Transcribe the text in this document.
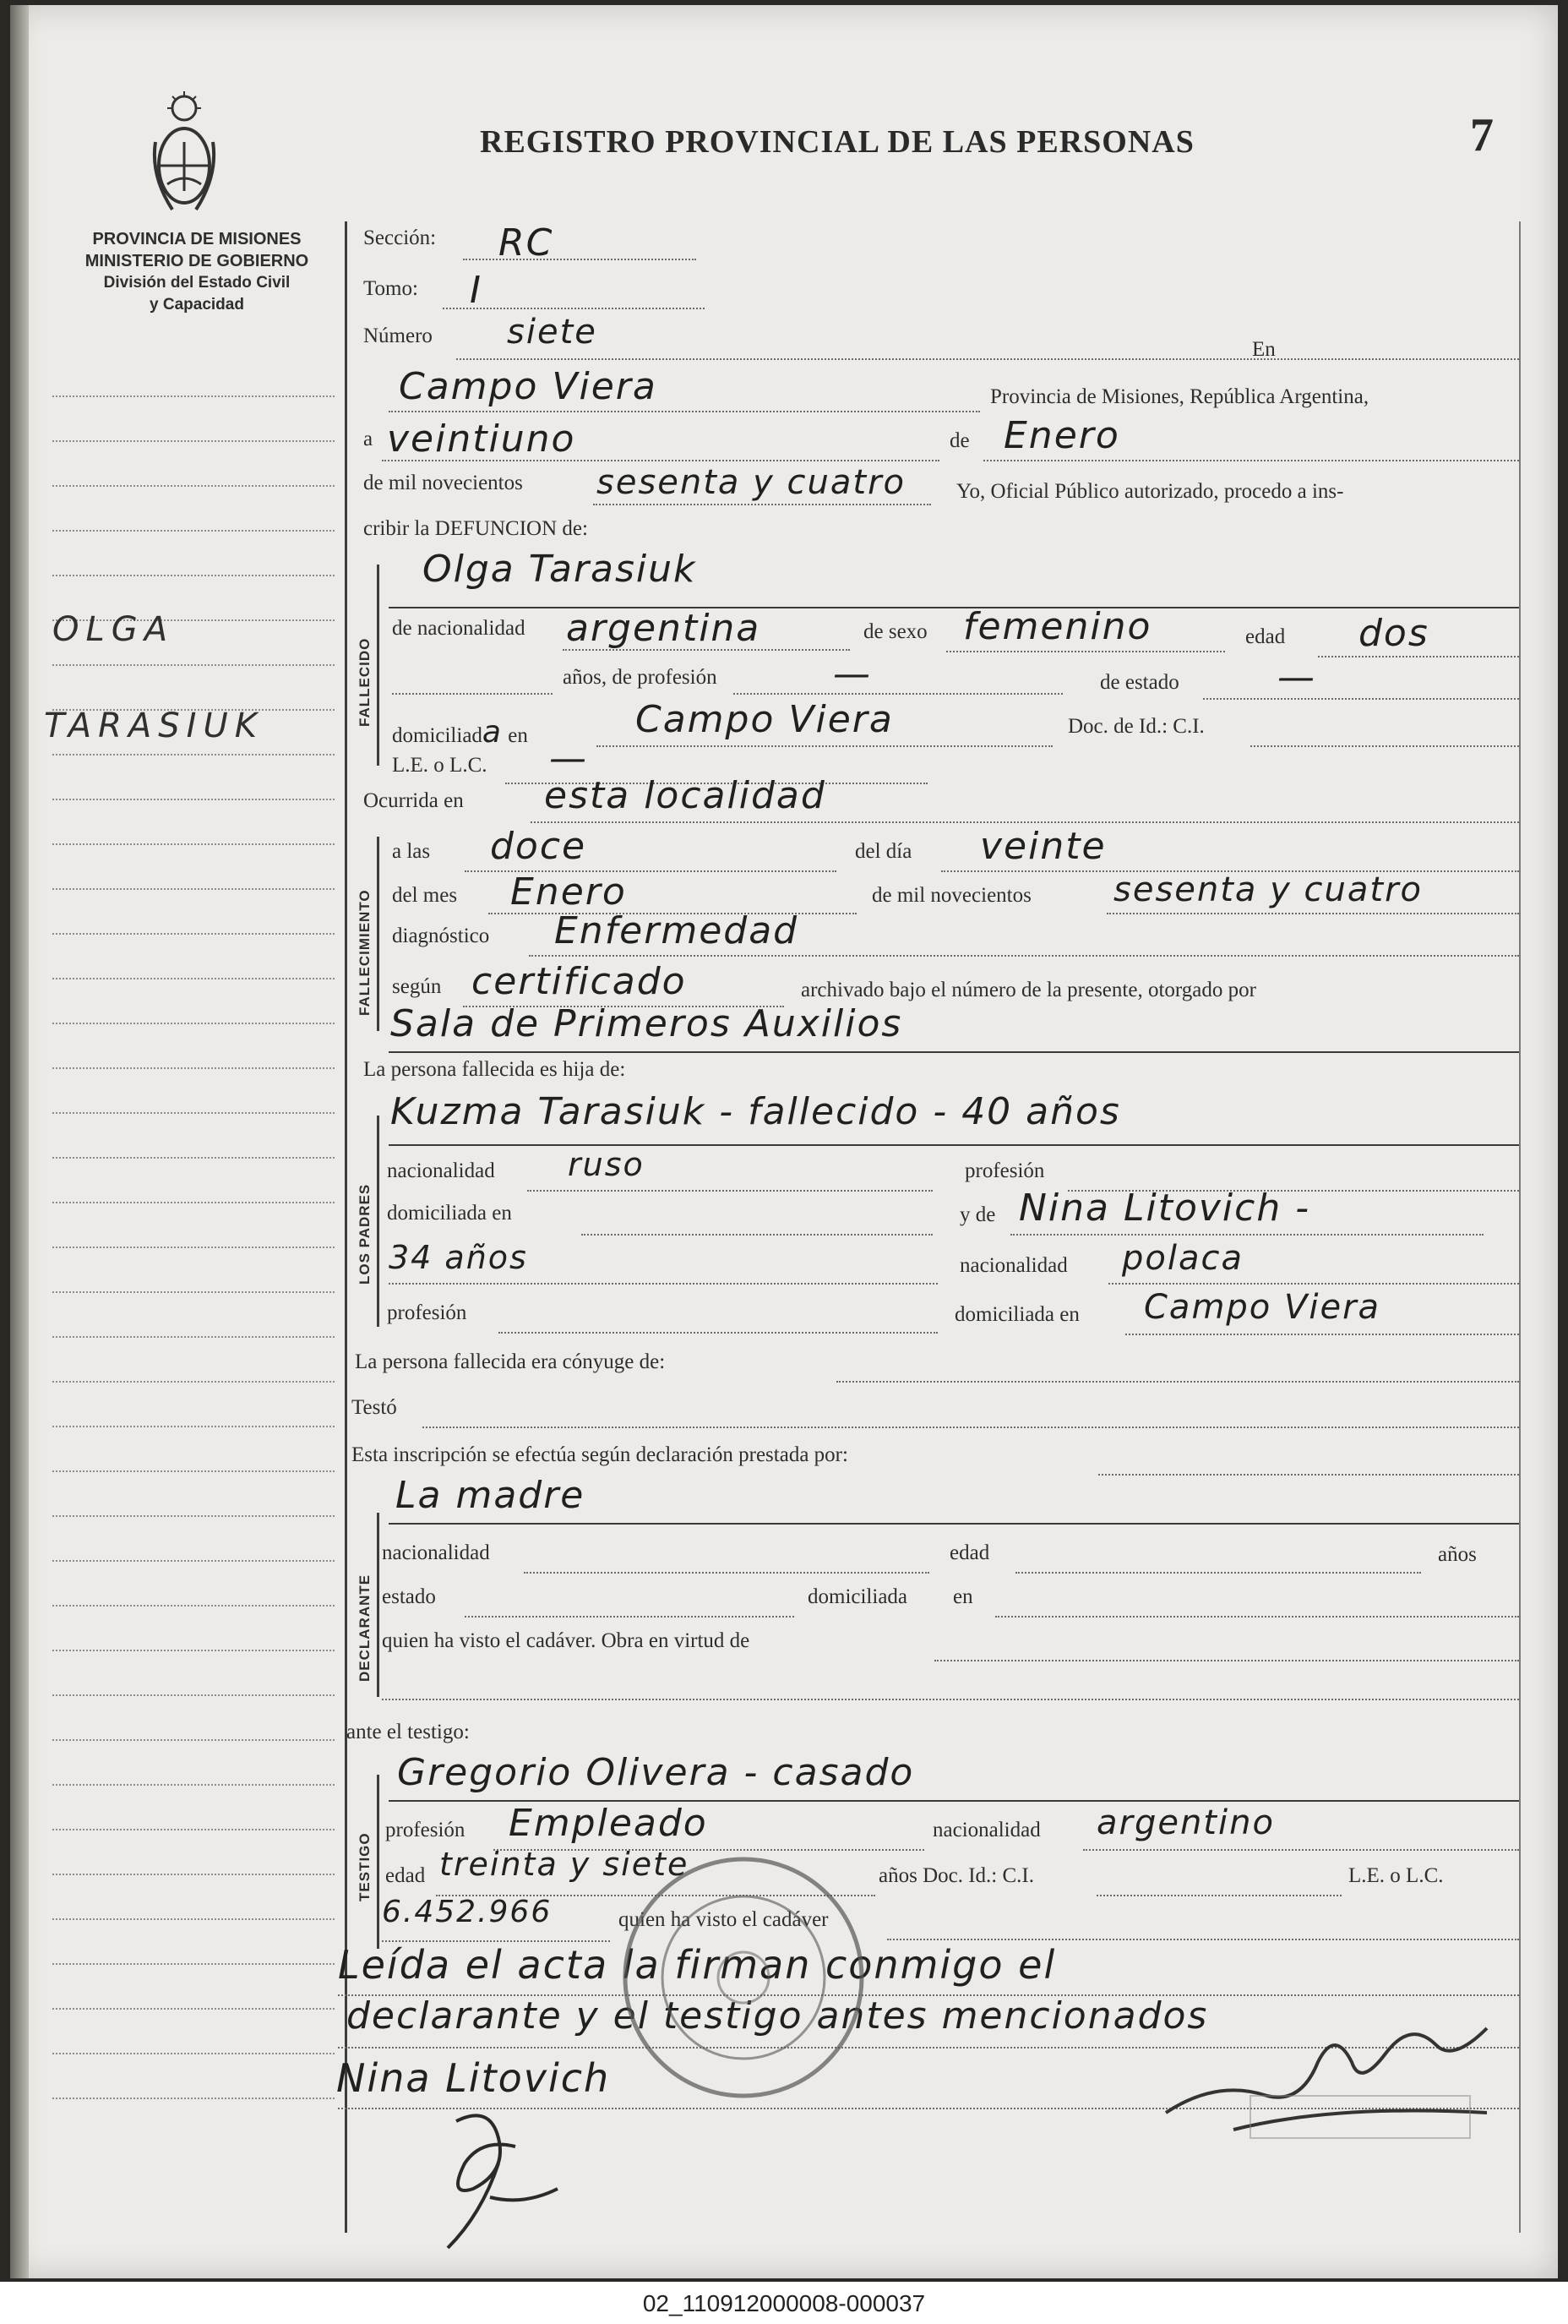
REGISTRO PROVINCIAL DE LAS PERSONAS	7
PROVINCIA DE MISIONES
MINISTERIO DE GOBIERNO
División del Estado Civil
y Capacidad
OLGA
TARASIUK	FALLECIDO
FALLECIMIENTO
LOS PADRES
DECLARANTE
TESTIGO
Sección: RC
Tomo: I
Número siete	En
Campo Viera	Provincia de Misiones, República Argentina,
a veintiuno	de Enero
de mil novecientos sesenta y cuatro Yo, Oficial Público autorizado, procedo a ins-
cribir la DEFUNCION de:
Olga Tarasiuk
de nacionalidad argentina	de sexo femenino	edad dos
años, de profesión	—	de estado	—
domiciliada en	Campo Viera	Doc. de Id.: C.I.
L.E. o L.C. —
Ocurrida en esta localidad
a las doce	del día veinte
del mes Enero	de mil novecientos sesenta y cuatro
diagnóstico Enfermedad
según certificado	archivado bajo el número de la presente, otorgado por
Sala de Primeros Auxilios
La persona fallecida es hija de:
Kuzma Tarasiuk - fallecido - 40 años
nacionalidad ruso	profesión
domiciliada en	y de Nina Litovich -
34 años	nacionalidad polaca
profesión	domiciliada en Campo Viera
La persona fallecida era cónyuge de:
Testó
Esta inscripción se efectúa según declaración prestada por:
La madre
nacionalidad	edad	años
estado	domiciliada en
quien ha visto el cadáver. Obra en virtud de
ante el testigo:
Gregorio Olivera - casado
profesión Empleado	nacionalidad argentino
edad treinta y siete	años Doc. Id.: C.I.	L.E. o L.C.
6.452.966	quien ha visto el cadáver
Leída el acta la firman conmigo el
declarante y el testigo antes mencionados
Nina Litovich
02_110912000008-000037
